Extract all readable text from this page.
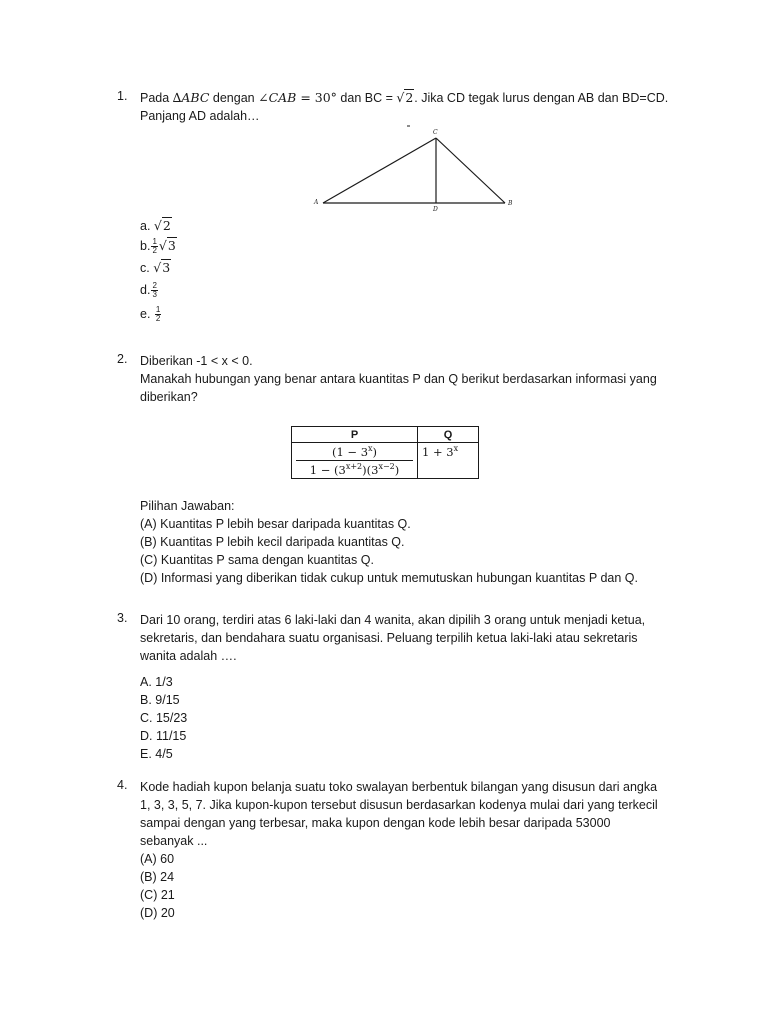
1. Pada ∆ABC dengan ∠CAB = 30° dan BC = √2. Jika CD tegak lurus dengan AB dan BD=CD.
Panjang AD adalah…
A	B
C
D
a. √2
b. $\frac{1}{2} √3$
c. √3
d. $\frac{2}{3}$
e. $\frac{1}{2}$
2. Diberikan -1 < x < 0.
Manakah hubungan yang benar antara kuantitas P dan Q berikut berdasarkan informasi yang
diberikan?
P	Q

$(1 - 3^x)$
$1 - (3^{x+2})(3^{x-2})$	$1 + 3^x$
Pilihan Jawaban:
(A) Kuantitas P lebih besar daripada kuantitas Q.
(B) Kuantitas P lebih kecil daripada kuantitas Q.
(C) Kuantitas P sama dengan kuantitas Q.
(D) Informasi yang diberikan tidak cukup untuk memutuskan hubungan kuantitas P dan Q.
3. Dari 10 orang, terdiri atas 6 laki-laki dan 4 wanita, akan dipilih 3 orang untuk menjadi ketua,
sekretaris, dan bendahara suatu organisasi. Peluang terpilih ketua laki-laki atau sekretaris
wanita adalah ….
A. 1/3
B. 9/15
C. 15/23
D. 11/15
E. 4/5
4. Kode hadiah kupon belanja suatu toko swalayan berbentuk bilangan yang disusun dari angka
1, 3, 3, 5, 7. Jika kupon-kupon tersebut disusun berdasarkan kodenya mulai dari yang terkecil
sampai dengan yang terbesar, maka kupon dengan kode lebih besar daripada 53000
sebanyak ...
(A) 60
(B) 24
(C) 21
(D) 20
